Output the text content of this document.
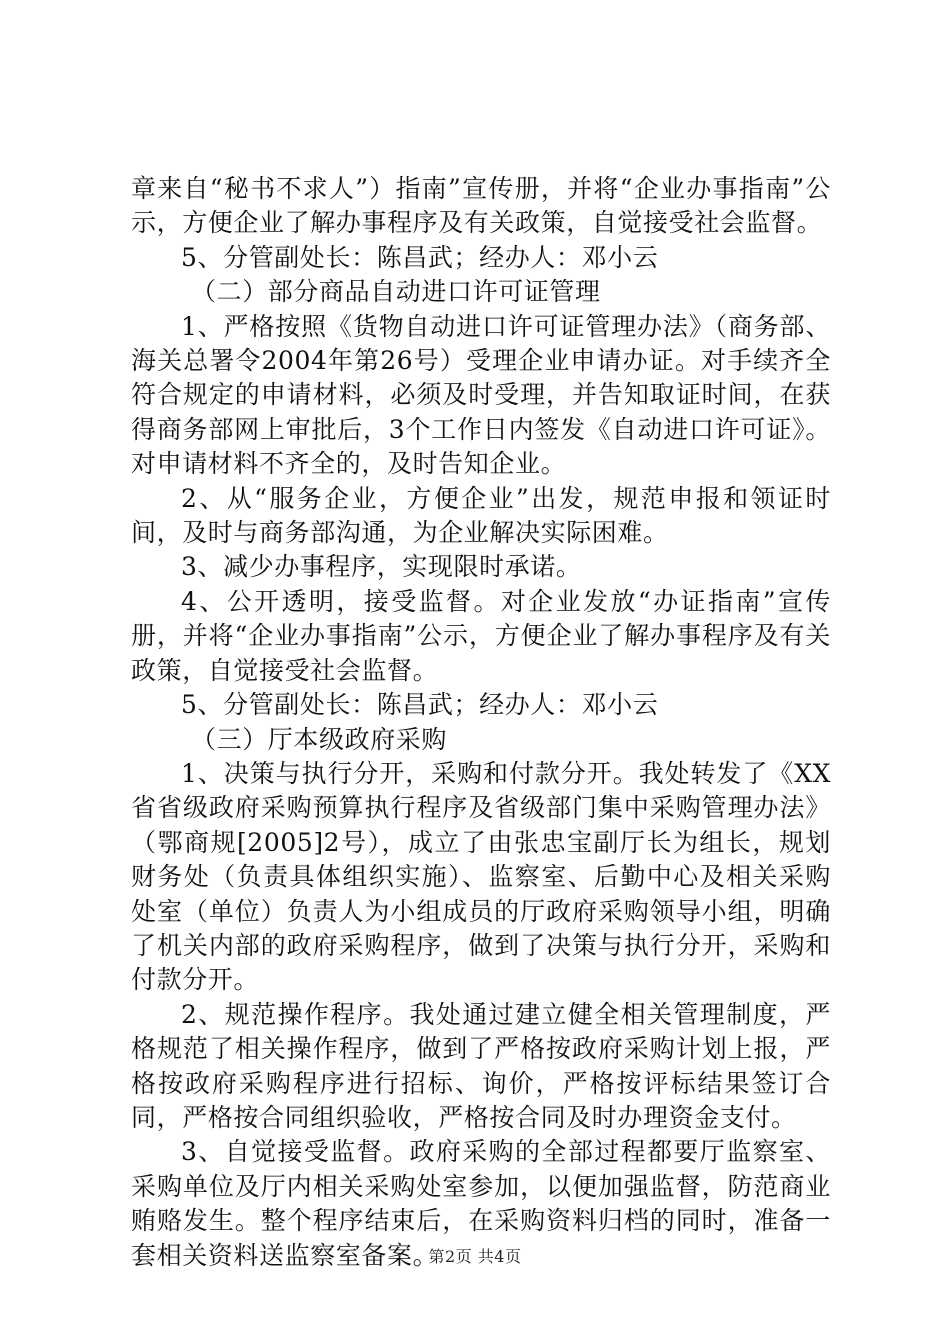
章来自“秘书不求人”）指南”宣传册，并将“企业办事指南”公示，方便企业了解办事程序及有关政策，自觉接受社会监督。

5、分管副处长：陈昌武；经办人：邓小云

（二）部分商品自动进口许可证管理

1、严格按照《货物自动进口许可证管理办法》（商务部、海关总署令2004年第26号）受理企业申请办证。对手续齐全符合规定的申请材料，必须及时受理，并告知取证时间，在获得商务部网上审批后，3个工作日内签发《自动进口许可证》。对申请材料不齐全的，及时告知企业。

2、从“服务企业，方便企业”出发，规范申报和领证时间，及时与商务部沟通，为企业解决实际困难。

3、减少办事程序，实现限时承诺。

4、公开透明，接受监督。对企业发放“办证指南”宣传册，并将“企业办事指南”公示，方便企业了解办事程序及有关政策，自觉接受社会监督。

5、分管副处长：陈昌武；经办人：邓小云

（三）厅本级政府采购

1、决策与执行分开，采购和付款分开。我处转发了《XX省省级政府采购预算执行程序及省级部门集中采购管理办法》（鄂商规[2005]2号），成立了由张忠宝副厅长为组长，规划财务处（负责具体组织实施）、监察室、后勤中心及相关采购处室（单位）负责人为小组成员的厅政府采购领导小组，明确了机关内部的政府采购程序，做到了决策与执行分开，采购和付款分开。

2、规范操作程序。我处通过建立健全相关管理制度，严格规范了相关操作程序，做到了严格按政府采购计划上报，严格按政府采购程序进行招标、询价，严格按评标结果签订合同，严格按合同组织验收，严格按合同及时办理资金支付。

3、自觉接受监督。政府采购的全部过程都要厅监察室、采购单位及厅内相关采购处室参加，以便加强监督，防范商业贿赂发生。整个程序结束后，在采购资料归档的同时，准备一套相关资料送监察室备案。

第2页 共4页
